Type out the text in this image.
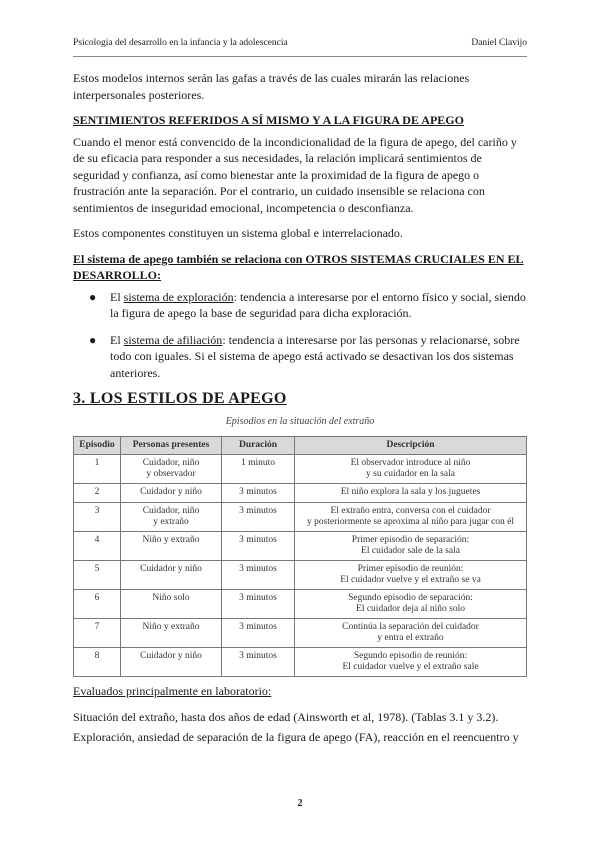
Psicología del desarrollo en la infancia y la adolescencia	Daniel Clavijo

Estos modelos internos serán las gafas a través de las cuales mirarán las relaciones interpersonales posteriores.

SENTIMIENTOS REFERIDOS A SÍ MISMO Y A LA FIGURA DE APEGO

Cuando el menor está convencido de la incondicionalidad de la figura de apego, del cariño y de su eficacia para responder a sus necesidades, la relación implicará sentimientos de seguridad y confianza, así como bienestar ante la proximidad de la figura de apego o frustración ante la separación. Por el contrario, un cuidado insensible se relaciona con sentimientos de inseguridad emocional, incompetencia o desconfianza.

Estos componentes constituyen un sistema global e interrelacionado.

El sistema de apego también se relaciona con OTROS SISTEMAS CRUCIALES EN EL DESARROLLO:

● El sistema de exploración: tendencia a interesarse por el entorno físico y social, siendo la figura de apego la base de seguridad para dicha exploración.
● El sistema de afiliación: tendencia a interesarse por las personas y relacionarse, sobre todo con iguales. Si el sistema de apego está activado se desactivan los dos sistemas anteriores.
3. LOS ESTILOS DE APEGO
Episodios en la situación del extraño
Episodio	Personas presentes	Duración	Descripción
1	Cuidador, niño
y observador	1 minuto	El observador introduce al niño
y su cuidador en la sala
2	Cuidador y niño	3 minutos	El niño explora la sala y los juguetes
3	Cuidador, niño
y extraño	3 minutos	El extraño entra, conversa con el cuidador
y posteriormente se aproxima al niño para jugar con él
4	Niño y extraño	3 minutos	Primer episodio de separación:
El cuidador sale de la sala
5	Cuidador y niño	3 minutos	Primer episodio de reunión:
El cuidador vuelve y el extraño se va
6	Niño solo	3 minutos	Segundo episodio de separación:
El cuidador deja al niño solo
7	Niño y extraño	3 minutos	Continúa la separación del cuidador
y entra el extraño
8	Cuidador y niño	3 minutos	Segundo episodio de reunión:
El cuidador vuelve y el extraño sale

Evaluados principalmente en laboratorio:

Situación del extraño, hasta dos años de edad (Ainsworth et al, 1978). (Tablas 3.1 y 3.2).

Exploración, ansiedad de separación de la figura de apego (FA), reacción en el reencuentro y

2
